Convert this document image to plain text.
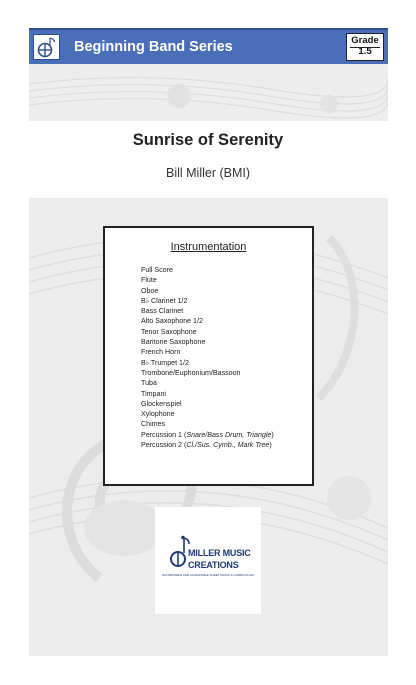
Beginning Band Series	Grade
1.5
Sunrise of Serenity
Bill Miller (BMI)
Instrumentation
Full Score
Flute
Oboe
B♭ Clarinet 1/2
Bass Clarinet
Alto Saxophone 1/2
Tenor Saxophone
Baritone Saxophone
French Horn
B♭ Trumpet 1/2
Trombone/Euphonium/Bassoon
Tuba
Timpani
Glockenspiel
Xylophone
Chimes
Percussion 1 (Snare/Bass Drum, Triangle)
Percussion 2 (Cl./Sus. Cymb., Mark Tree)
MILLER MUSIC
CREATIONS
AFFORDABLE AND ACCESSIBLE SHEET MUSIC & CURRICULUM
